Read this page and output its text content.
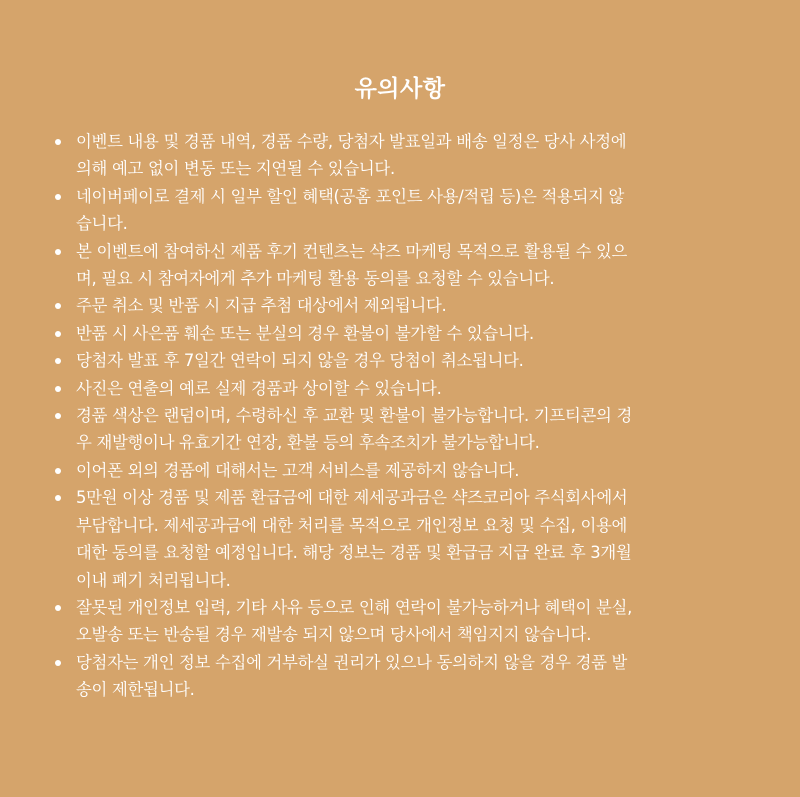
유의사항
이벤트 내용 및 경품 내역, 경품 수량, 당첨자 발표일과 배송 일정은 당사 사정에
의해 예고 없이 변동 또는 지연될 수 있습니다.
네이버페이로 결제 시 일부 할인 혜택(공홈 포인트 사용/적립 등)은 적용되지 않
습니다.
본 이벤트에 참여하신 제품 후기 컨텐츠는 샥즈 마케팅 목적으로 활용될 수 있으
며, 필요 시 참여자에게 추가 마케팅 활용 동의를 요청할 수 있습니다.
주문 취소 및 반품 시 지급 추첨 대상에서 제외됩니다.
반품 시 사은품 훼손 또는 분실의 경우 환불이 불가할 수 있습니다.
당첨자 발표 후 7일간 연락이 되지 않을 경우 당첨이 취소됩니다.
사진은 연출의 예로 실제 경품과 상이할 수 있습니다.
경품 색상은 랜덤이며, 수령하신 후 교환 및 환불이 불가능합니다. 기프티콘의 경
우 재발행이나 유효기간 연장, 환불 등의 후속조치가 불가능합니다.
이어폰 외의 경품에 대해서는 고객 서비스를 제공하지 않습니다.
5만원 이상 경품 및 제품 환급금에 대한 제세공과금은 샥즈코리아 주식회사에서
부담합니다. 제세공과금에 대한 처리를 목적으로 개인정보 요청 및 수집, 이용에
대한 동의를 요청할 예정입니다. 해당 정보는 경품 및 환급금 지급 완료 후 3개월
이내 폐기 처리됩니다.
잘못된 개인정보 입력, 기타 사유 등으로 인해 연락이 불가능하거나 혜택이 분실,
오발송 또는 반송될 경우 재발송 되지 않으며 당사에서 책임지지 않습니다.
당첨자는 개인 정보 수집에 거부하실 권리가 있으나 동의하지 않을 경우 경품 발
송이 제한됩니다.
